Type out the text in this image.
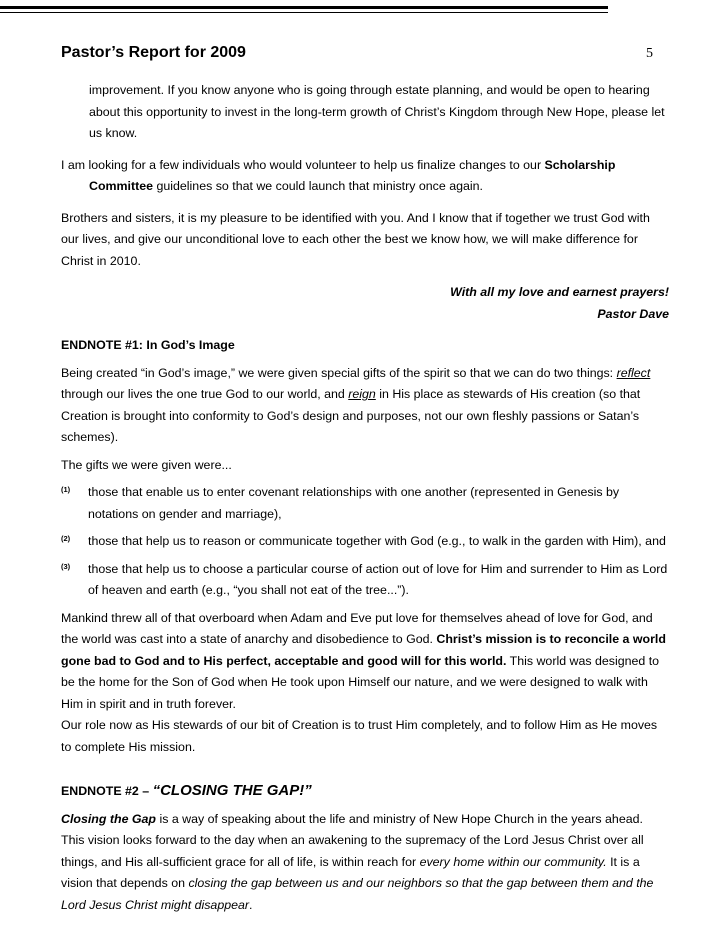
Pastor’s Report for 2009	5

improvement. If you know anyone who is going through estate planning, and would be open to hearing about this opportunity to invest in the long-term growth of Christ’s Kingdom through New Hope, please let us know.

I am looking for a few individuals who would volunteer to help us finalize changes to our Scholarship Committee guidelines so that we could launch that ministry once again.

Brothers and sisters, it is my pleasure to be identified with you. And I know that if together we trust God with our lives, and give our unconditional love to each other the best we know how, we will make difference for Christ in 2010.

With all my love and earnest prayers!

Pastor Dave

ENDNOTE #1: In God’s Image

Being created “in God’s image,” we were given special gifts of the spirit so that we can do two things: reflect through our lives the one true God to our world, and reign in His place as stewards of His creation (so that Creation is brought into conformity to God’s design and purposes, not our own fleshly passions or Satan’s schemes).

The gifts we were given were...

(1) those that enable us to enter covenant relationships with one another (represented in Genesis by notations on gender and marriage),
(2) those that help us to reason or communicate together with God (e.g., to walk in the garden with Him), and
(3) those that help us to choose a particular course of action out of love for Him and surrender to Him as Lord of heaven and earth (e.g., “you shall not eat of the tree...”).

Mankind threw all of that overboard when Adam and Eve put love for themselves ahead of love for God, and the world was cast into a state of anarchy and disobedience to God. Christ’s mission is to reconcile a world gone bad to God and to His perfect, acceptable and good will for this world. This world was designed to be the home for the Son of God when He took upon Himself our nature, and we were designed to walk with Him in spirit and in truth forever.

Our role now as His stewards of our bit of Creation is to trust Him completely, and to follow Him as He moves to complete His mission.

ENDNOTE #2 – “CLOSING THE GAP!”

Closing the Gap is a way of speaking about the life and ministry of New Hope Church in the years ahead. This vision looks forward to the day when an awakening to the supremacy of the Lord Jesus Christ over all things, and His all-sufficient grace for all of life, is within reach for every home within our community. It is a vision that depends on closing the gap between us and our neighbors so that the gap between them and the Lord Jesus Christ might disappear.
